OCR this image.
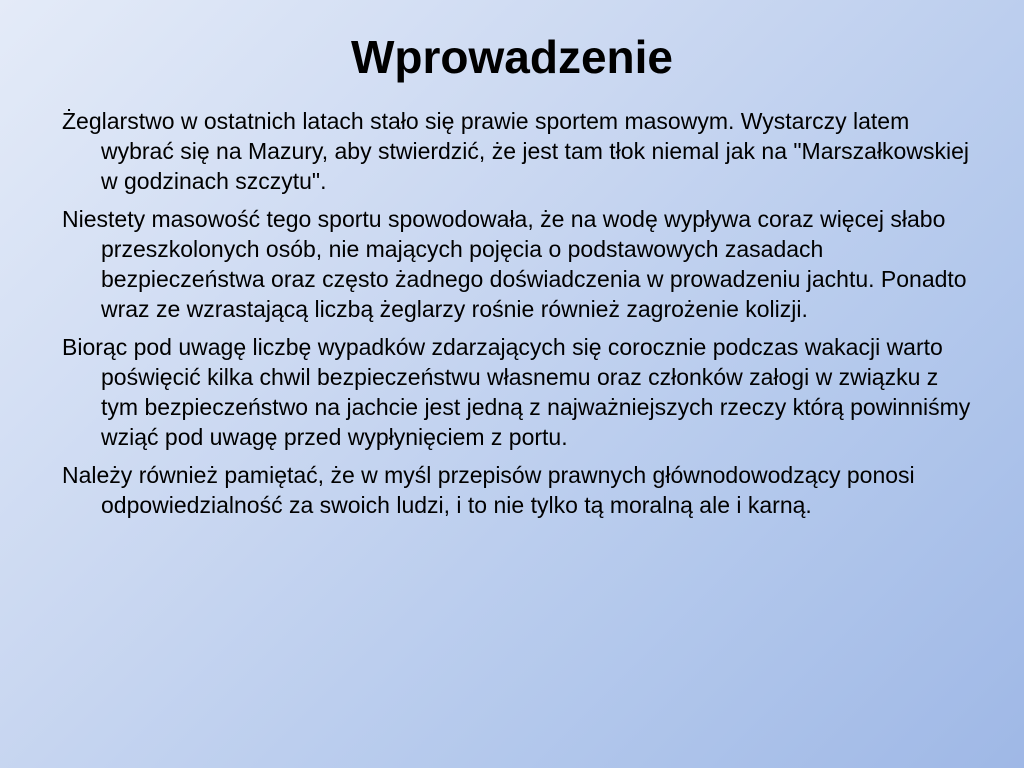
Wprowadzenie

Żeglarstwo w ostatnich latach stało się prawie sportem masowym. Wystarczy latem wybrać się na Mazury, aby stwierdzić, że jest tam tłok niemal jak na "Marszałkowskiej w godzinach szczytu".

Niestety masowość tego sportu spowodowała, że na wodę wypływa coraz więcej słabo przeszkolonych osób, nie mających pojęcia o podstawowych zasadach bezpieczeństwa oraz często żadnego doświadczenia w prowadzeniu jachtu. Ponadto wraz ze wzrastającą liczbą żeglarzy rośnie również zagrożenie kolizji.

Biorąc pod uwagę liczbę wypadków zdarzających się corocznie podczas wakacji warto poświęcić kilka chwil bezpieczeństwu własnemu oraz członków załogi w związku z tym bezpieczeństwo na jachcie jest jedną z najważniejszych rzeczy którą powinniśmy wziąć pod uwagę przed wypłynięciem z portu.

Należy również pamiętać, że w myśl przepisów prawnych głównodowodzący ponosi odpowiedzialność za swoich ludzi, i to nie tylko tą moralną ale i karną.
